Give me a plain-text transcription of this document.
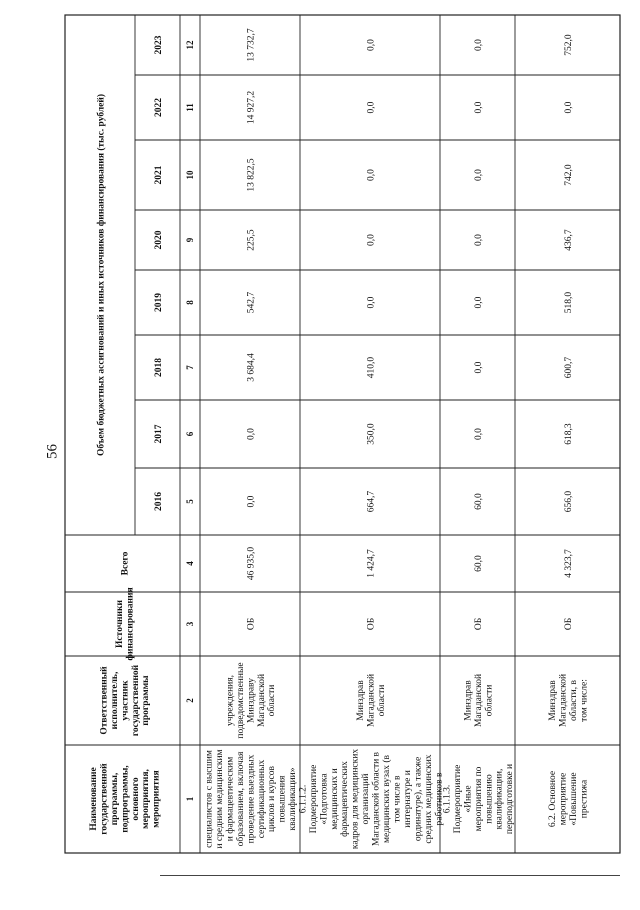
56
Наименованиегосударственнойпрограммы,подпрограммы,основногомероприятия,мероприятия
Ответственныйисполнитель,участникгосударственнойпрограммы
Источникифинансирования
Всего
Объем бюджетных ассигнований и иных источников финансирования (тыс. рублей)
2016
2017
2018
2019
2020
2021
2022
2023
1
2
3
4
5
6
7
8
9
10
11
12
специалистов с высшими средним медицинскими фармацевтическимобразованием, включаяпроведение выездныхсертификационныхциклов и курсовповышенияквалификации»
учреждения,подведомственныеМинздравуМагаданскойобласти
ОБ
46 935,0
0,0
0,0
3 684,4
542,7
225,5
13 822,5
14 927,2
13 732,7
6.1.1.2.Подмероприятие«Подготовкамедицинских ифармацевтическихкадров для медицинскихорганизацийМагаданской области вмедицинских вузах (втом числе винтернатуре иординатуре), а такжесредних медицинскихработников в
МинздравМагаданскойобласти
ОБ
1 424,7
664,7
350,0
410,0
0,0
0,0
0,0
0,0
0,0
6.1.1.3.Подмероприятие«Иныемероприятия поповышениюквалификации,переподготовке и
МинздравМагаданскойобласти
ОБ
60,0
60,0
0,0
0,0
0,0
0,0
0,0
0,0
0,0
6.2. Основноемероприятие«Повышениепрестижа
МинздравМагаданскойобласти, втом числе:
ОБ
4 323,7
656,0
618,3
600,7
518,0
436,7
742,0
0,0
752,0
